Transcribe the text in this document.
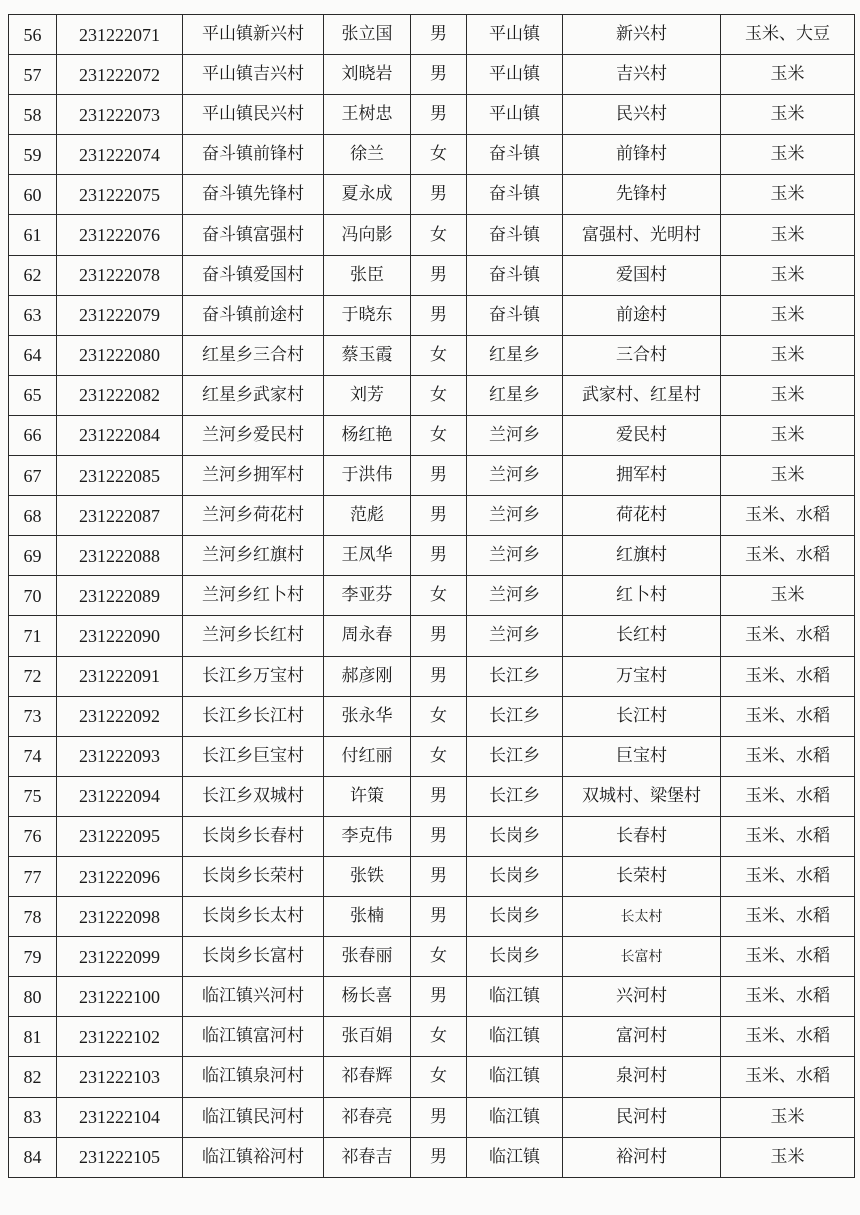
56	231222071	平山镇新兴村	张立国	男	平山镇	新兴村	玉米、大豆
57	231222072	平山镇吉兴村	刘晓岩	男	平山镇	吉兴村	玉米
58	231222073	平山镇民兴村	王树忠	男	平山镇	民兴村	玉米
59	231222074	奋斗镇前锋村	徐兰	女	奋斗镇	前锋村	玉米
60	231222075	奋斗镇先锋村	夏永成	男	奋斗镇	先锋村	玉米
61	231222076	奋斗镇富强村	冯向影	女	奋斗镇	富强村、光明村	玉米
62	231222078	奋斗镇爱国村	张臣	男	奋斗镇	爱国村	玉米
63	231222079	奋斗镇前途村	于晓东	男	奋斗镇	前途村	玉米
64	231222080	红星乡三合村	蔡玉霞	女	红星乡	三合村	玉米
65	231222082	红星乡武家村	刘芳	女	红星乡	武家村、红星村	玉米
66	231222084	兰河乡爱民村	杨红艳	女	兰河乡	爱民村	玉米
67	231222085	兰河乡拥军村	于洪伟	男	兰河乡	拥军村	玉米
68	231222087	兰河乡荷花村	范彪	男	兰河乡	荷花村	玉米、水稻
69	231222088	兰河乡红旗村	王凤华	男	兰河乡	红旗村	玉米、水稻
70	231222089	兰河乡红卜村	李亚芬	女	兰河乡	红卜村	玉米
71	231222090	兰河乡长红村	周永春	男	兰河乡	长红村	玉米、水稻
72	231222091	长江乡万宝村	郝彦刚	男	长江乡	万宝村	玉米、水稻
73	231222092	长江乡长江村	张永华	女	长江乡	长江村	玉米、水稻
74	231222093	长江乡巨宝村	付红丽	女	长江乡	巨宝村	玉米、水稻
75	231222094	长江乡双城村	许策	男	长江乡	双城村、梁堡村	玉米、水稻
76	231222095	长岗乡长春村	李克伟	男	长岗乡	长春村	玉米、水稻
77	231222096	长岗乡长荣村	张铁	男	长岗乡	长荣村	玉米、水稻
78	231222098	长岗乡长太村	张楠	男	长岗乡	长太村	玉米、水稻
79	231222099	长岗乡长富村	张春丽	女	长岗乡	长富村	玉米、水稻
80	231222100	临江镇兴河村	杨长喜	男	临江镇	兴河村	玉米、水稻
81	231222102	临江镇富河村	张百娟	女	临江镇	富河村	玉米、水稻
82	231222103	临江镇泉河村	祁春辉	女	临江镇	泉河村	玉米、水稻
83	231222104	临江镇民河村	祁春亮	男	临江镇	民河村	玉米
84	231222105	临江镇裕河村	祁春吉	男	临江镇	裕河村	玉米
